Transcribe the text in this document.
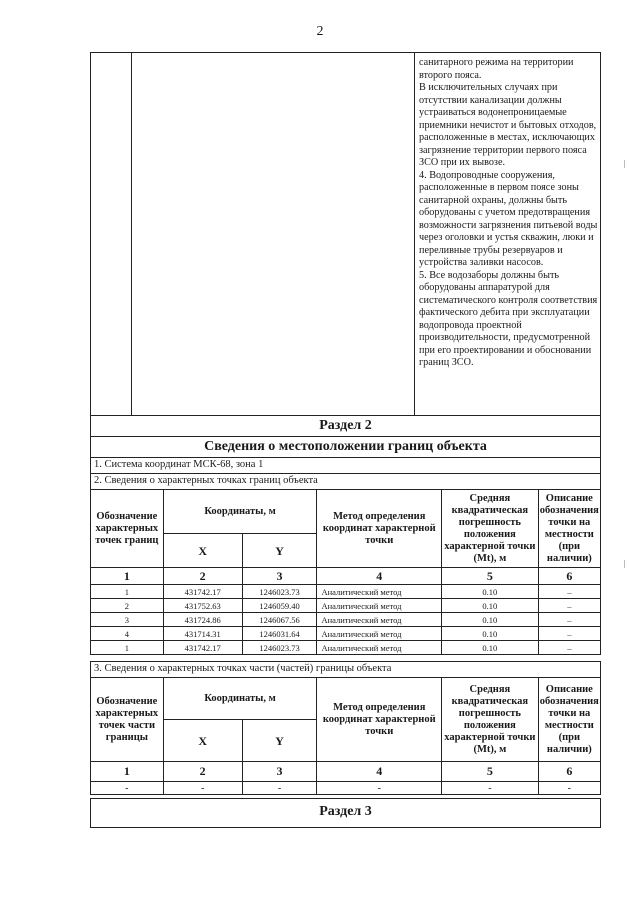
2

санитарного режима на территории второго пояса.

В исключительных случаях при отсутствии канализации должны устраиваться водонепроницаемые приемники нечистот и бытовых отходов, расположенные в местах, исключающих загрязнение территории первого пояса ЗСО при их вывозе.

4. Водопроводные сооружения, расположенные в первом поясе зоны санитарной охраны, должны быть оборудованы с учетом предотвращения возможности загрязнения питьевой воды через оголовки и устья скважин, люки и переливные трубы резервуаров и устройства заливки насосов.

5. Все водозаборы должны быть оборудованы аппаратурой для систематического контроля соответствия фактического дебита при эксплуатации водопровода проектной производительности, предусмотренной при его проектировании и обосновании границ ЗСО.

Раздел 2
Сведения о местоположении границ объекта
1. Система координат МСК-68, зона 1
2. Сведения о характерных точках границ объекта
Обозначение характерных точек границ	Координаты, м		Метод определения координат характерной точки	Средняя квадратическая погрешность положения характерной точки (Mt), м	Описание обозначения точки на местности (при наличии)
	X	Y			
1	2	3	4	5	6
1	431742.17	1246023.73	Аналитический метод	0.10	–
2	431752.63	1246059.40	Аналитический метод	0.10	–
3	431724.86	1246067.56	Аналитический метод	0.10	–
4	431714.31	1246031.64	Аналитический метод	0.10	–
1	431742.17	1246023.73	Аналитический метод	0.10	–
3. Сведения о характерных точках части (частей) границы объекта
Обозначение характерных точек части границы	Координаты, м		Метод определения координат характерной точки	Средняя квадратическая погрешность положения характерной точки (Mt), м	Описание обозначения точки на местности (при наличии)
	X	Y			
1	2	3	4	5	6
-	-	-	-	-	-
Раздел 3
